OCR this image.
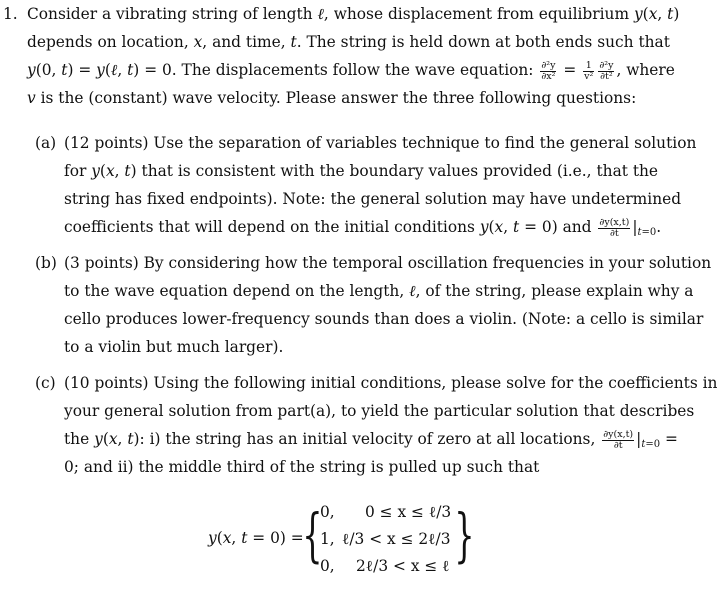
1. Consider a vibrating string of length ℓ, whose displacement from equilibrium y(x, t)
depends on location, x, and time, t. The string is held down at both ends such that
y(0, t) = y(ℓ, t) = 0. The displacements follow the wave equation: $\frac{\text{∂²y}}{\text{∂x²}} = \frac{1}{\text{v²}} \frac{\text{∂²y}}{\text{∂t²}}$ , where
v is the (constant) wave velocity. Please answer the three following questions:
(a) (12 points) Use the separation of variables technique to find the general solution
for y(x, t) that is consistent with the boundary values provided (i.e., that the
string has fixed endpoints). Note: the general solution may have undetermined
coefficients that will depend on the initial conditions y(x, t = 0) and $\frac{\partial y(x,t)}{\partial t} |_{t=0}$.
(b) (3 points) By considering how the temporal oscillation frequencies in your solution
to the wave equation depend on the length, ℓ, of the string, please explain why a
cello produces lower-frequency sounds than does a violin. (Note: a cello is similar
to a violin but much larger).
(c) (10 points) Using the following initial conditions, please solve for the coefficients in
your general solution from part(a), to yield the particular solution that describes
the y(x, t): i) the string has an initial velocity of zero at all locations, $\frac{\partial y(x,t)}{\partial t} |_{t=0}$ =
0; and ii) the middle third of the string is pulled up such that
y(x, t = 0) =
{ }
0, 0 ≤ x ≤ ℓ/3
1, ℓ/3 < x ≤ 2ℓ/3
0, 2ℓ/3 < x ≤ ℓ
